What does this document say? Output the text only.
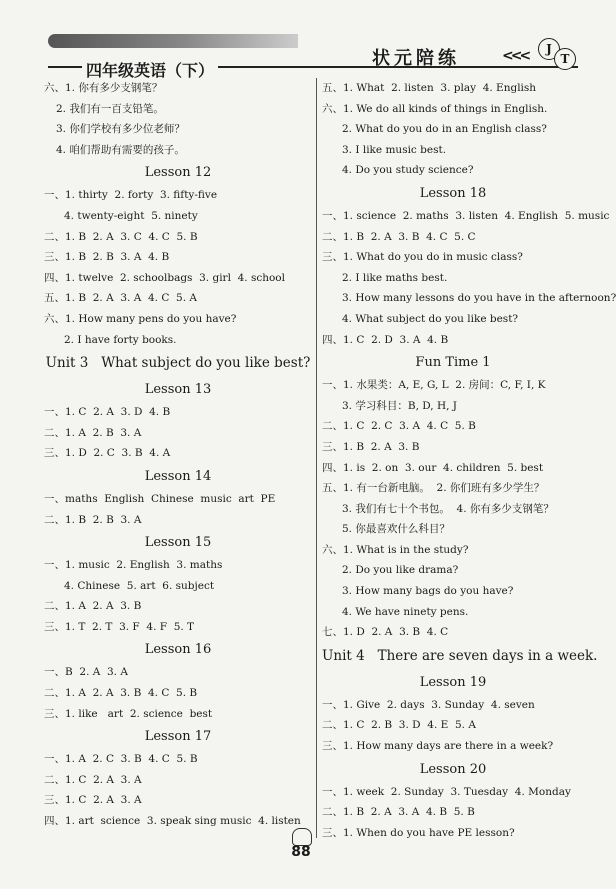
四年级英语（下）
状元陪练	<<<	J
T
六、1. 你有多少支钢笔？
2. 我们有一百支铅笔。
3. 你们学校有多少位老师？
4. 咱们帮助有需要的孩子。
Lesson 12
一、1. thirty  2. forty  3. fifty-five
4. twenty-eight  5. ninety
二、1. B  2. A  3. C  4. C  5. B
三、1. B  2. B  3. A  4. B
四、1. twelve  2. schoolbags  3. girl  4. school
五、1. B  2. A  3. A  4. C  5. A
六、1. How many pens do you have?
2. I have forty books.
Unit 3   What subject do you like best?
Lesson 13
一、1. C  2. A  3. D  4. B
二、1. A  2. B  3. A
三、1. D  2. C  3. B  4. A
Lesson 14
一、maths  English  Chinese  music  art  PE
二、1. B  2. B  3. A
Lesson 15
一、1. music  2. English  3. maths
4. Chinese  5. art  6. subject
二、1. A  2. A  3. B
三、1. T  2. T  3. F  4. F  5. T
Lesson 16
一、B  2. A  3. A
二、1. A  2. A  3. B  4. C  5. B
三、1. like   art  2. science  best
Lesson 17
一、1. A  2. C  3. B  4. C  5. B
二、1. C  2. A  3. A
三、1. C  2. A  3. A
四、1. art  science  3. speak sing music  4. listen
五、1. What  2. listen  3. play  4. English
六、1. We do all kinds of things in English.
2. What do you do in an English class?
3. I like music best.
4. Do you study science?
Lesson 18
一、1. science  2. maths  3. listen  4. English  5. music
二、1. B  2. A  3. B  4. C  5. C
三、1. What do you do in music class?
2. I like maths best.
3. How many lessons do you have in the afternoon?
4. What subject do you like best?
四、1. C  2. D  3. A  4. B
Fun Time 1
一、1. 水果类：A, E, G, L  2. 房间：C, F, I, K
3. 学习科目：B, D, H, J
二、1. C  2. C  3. A  4. C  5. B
三、1. B  2. A  3. B
四、1. is  2. on  3. our  4. children  5. best
五、1. 有一台新电脑。  2. 你们班有多少学生？
3. 我们有七十个书包。  4. 你有多少支钢笔？
5. 你最喜欢什么科目？
六、1. What is in the study?
2. Do you like drama?
3. How many bags do you have?
4. We have ninety pens.
七、1. D  2. A  3. B  4. C
Unit 4   There are seven days in a week.
Lesson 19
一、1. Give  2. days  3. Sunday  4. seven
二、1. C  2. B  3. D  4. E  5. A
三、1. How many days are there in a week?
Lesson 20
一、1. week  2. Sunday  3. Tuesday  4. Monday
二、1. B  2. A  3. A  4. B  5. B
三、1. When do you have PE lesson?
88
